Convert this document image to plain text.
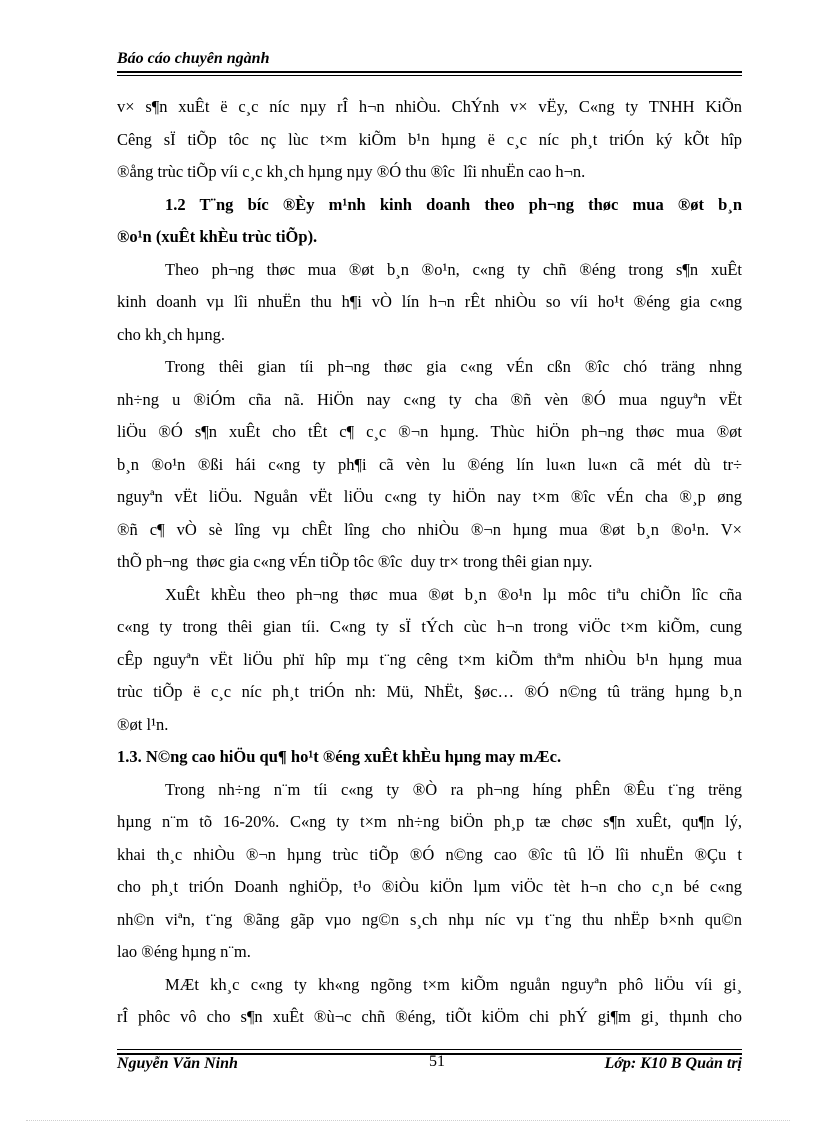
Báo cáo chuyên ngành
v× s¶n xuÊt ë c¸c níc nµy rÎ h¬n nhiÒu. ChÝnh v× vËy, C«ng ty TNHH KiÕn
Cêng sÏ tiÕp tôc nç lùc t×m kiÕm b¹n hµng ë c¸c níc ph¸t triÓn ký kÕt hîp
®ång trùc tiÕp víi c¸c kh¸ch hµng nµy ®Ó thu ®îc  lîi nhuËn cao h¬n.
1.2 T¨ng bíc ®Èy m¹nh kinh doanh theo ph¬ng thøc mua ®øt b¸n
®o¹n (xuÊt khÈu trùc tiÕp).
Theo ph¬ng thøc mua ®øt b¸n ®o¹n, c«ng ty chñ ®éng trong s¶n xuÊt
kinh doanh vµ lîi nhuËn thu h¶i vÒ lín h¬n rÊt nhiÒu so víi ho¹t ®éng gia c«ng
cho kh¸ch hµng.
Trong thêi gian tíi ph¬ng thøc gia c«ng vÉn cßn ®îc chó träng nhng
nh÷ng u ®iÓm cña nã. HiÖn nay c«ng ty cha ®ñ vèn ®Ó mua nguyªn vËt
liÖu ®Ó s¶n xuÊt cho tÊt c¶ c¸c ®¬n hµng. Thùc hiÖn ph¬ng thøc mua ®øt
b¸n ®o¹n ®ßi hái c«ng ty ph¶i cã vèn lu ®éng lín lu«n lu«n cã mét dù tr÷
nguyªn vËt liÖu. Nguån vËt liÖu c«ng ty hiÖn nay t×m ®îc vÉn cha ®¸p øng
®ñ c¶ vÒ sè lîng vµ chÊt lîng cho nhiÒu ®¬n hµng mua ®øt b¸n ®o¹n. V×
thÕ ph¬ng  thøc gia c«ng vÉn tiÕp tôc ®îc  duy tr× trong thêi gian nµy.
XuÊt khÈu theo ph¬ng thøc mua ®øt b¸n ®o¹n lµ môc tiªu chiÕn lîc cña
c«ng ty trong thêi gian tíi. C«ng ty sÏ tÝch cùc h¬n trong viÖc t×m kiÕm, cung
cÊp nguyªn vËt liÖu phï hîp mµ t¨ng cêng t×m kiÕm thªm nhiÒu b¹n hµng mua
trùc tiÕp ë c¸c níc ph¸t triÓn nh: Mü, NhËt, §øc… ®Ó n©ng tû träng hµng b¸n
®øt l¹n.
1.3. N©ng cao hiÖu qu¶ ho¹t ®éng xuÊt khÈu hµng may mÆc.
Trong nh÷ng n¨m tíi c«ng ty ®Ò ra ph¬ng híng phÊn ®Êu t¨ng trëng
hµng n¨m tõ 16-20%. C«ng ty t×m nh÷ng biÖn ph¸p tæ chøc s¶n xuÊt, qu¶n lý,
khai th¸c nhiÒu ®¬n hµng trùc tiÕp ®Ó n©ng cao ®îc tû lÖ lîi nhuËn ®Çu t
cho ph¸t triÓn Doanh nghiÖp, t¹o ®iÒu kiÖn lµm viÖc tèt h¬n cho c¸n bé c«ng
nh©n viªn, t¨ng ®ãng gãp vµo ng©n s¸ch nhµ níc vµ t¨ng thu nhËp b×nh qu©n
lao ®éng hµng n¨m.
MÆt kh¸c c«ng ty kh«ng ngõng t×m kiÕm nguån nguyªn phô liÖu víi gi¸
rÎ phôc vô cho s¶n xuÊt ®ù¬c chñ ®éng, tiÕt kiÖm chi phÝ gi¶m gi¸ thµnh cho
Nguyễn Văn Ninh	51	Lớp: K10 B Quản trị
